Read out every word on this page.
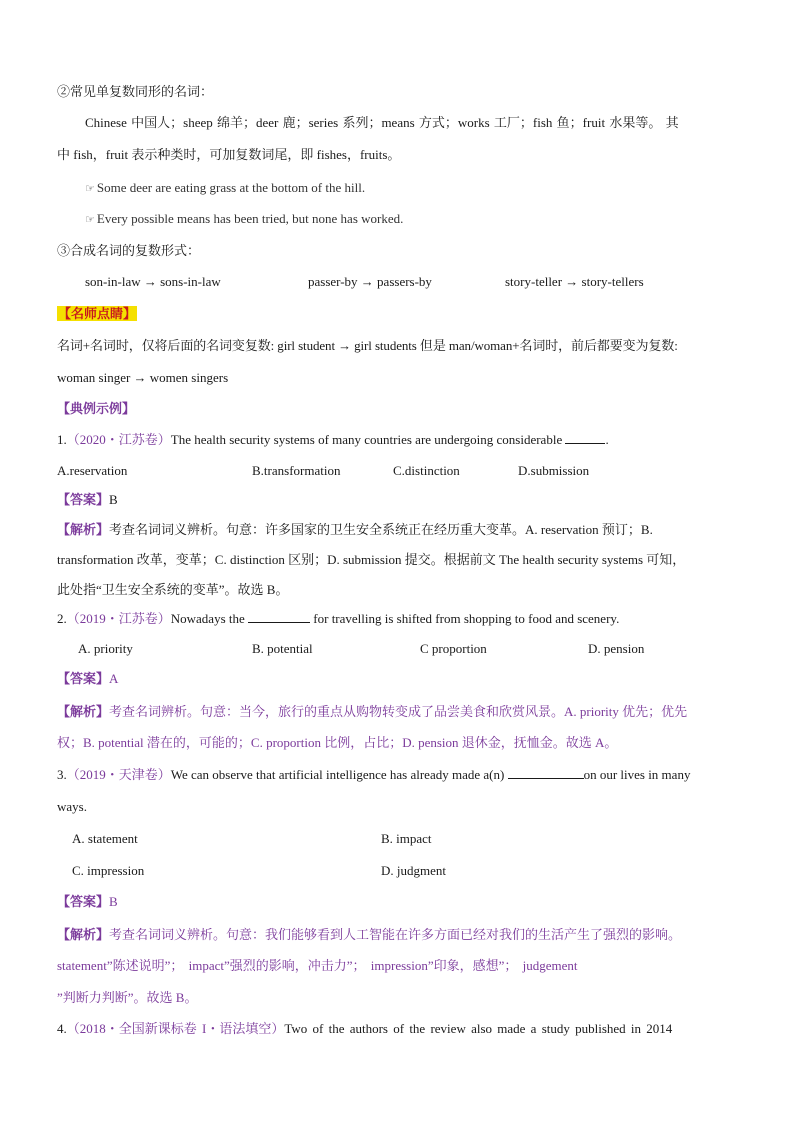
②常见单复数同形的名词：
Chinese 中国人；sheep 绵羊；deer 鹿；series 系列；means 方式；works 工厂；fish 鱼；fruit 水果等。 其
中 fish，fruit 表示种类时，可加复数词尾，即 fishes，fruits。
☞ Some deer are eating grass at the bottom of the hill.
☞ Every possible means has been tried, but none has worked.
③合成名词的复数形式：
son-in-law → sons-in-law	passer-by → passers-by	story-teller → story-tellers
【名师点睛】
名词+名词时，仅将后面的名词变复数: girl student → girl students 但是 man/woman+名词时，前后都要变为复数:
woman singer → women singers
【典例示例】
1.（2020・江苏卷）The health security systems of many countries are undergoing considerable	.
A.reservation	B.transformation	C.distinction	D.submission
【答案】B
【解析】考查名词词义辨析。句意：许多国家的卫生安全系统正在经历重大变革。A. reservation 预订；B.
transformation 改革，变革；C. distinction 区别；D. submission 提交。根据前文 The health security systems 可知，
此处指“卫生安全系统的变革”。故选 B。
2.（2019・江苏卷）Nowadays the	for travelling is shifted from shopping to food and scenery.
A. priority	B. potential	C proportion	D. pension
【答案】A
【解析】考查名词辨析。句意：当今，旅行的重点从购物转变成了品尝美食和欣赏风景。A. priority 优先；优先
权；B. potential 潜在的，可能的；C. proportion 比例，占比；D. pension 退休金，抚恤金。故选 A。
3.（2019・天津卷）We can observe that artificial intelligence has already made a(n)	on our lives in many
ways.
A. statement	B. impact
C. impression	D. judgment
【答案】B
【解析】考查名词词义辨析。句意：我们能够看到人工智能在许多方面已经对我们的生活产生了强烈的影响。
statement”陈述说明”； impact”强烈的影响，冲击力”； impression”印象，感想”； judgement
”判断力判断”。故选 B。
4.（2018・全国新课标卷 I・语法填空）Two of the authors of the review also made a study published in 2014
